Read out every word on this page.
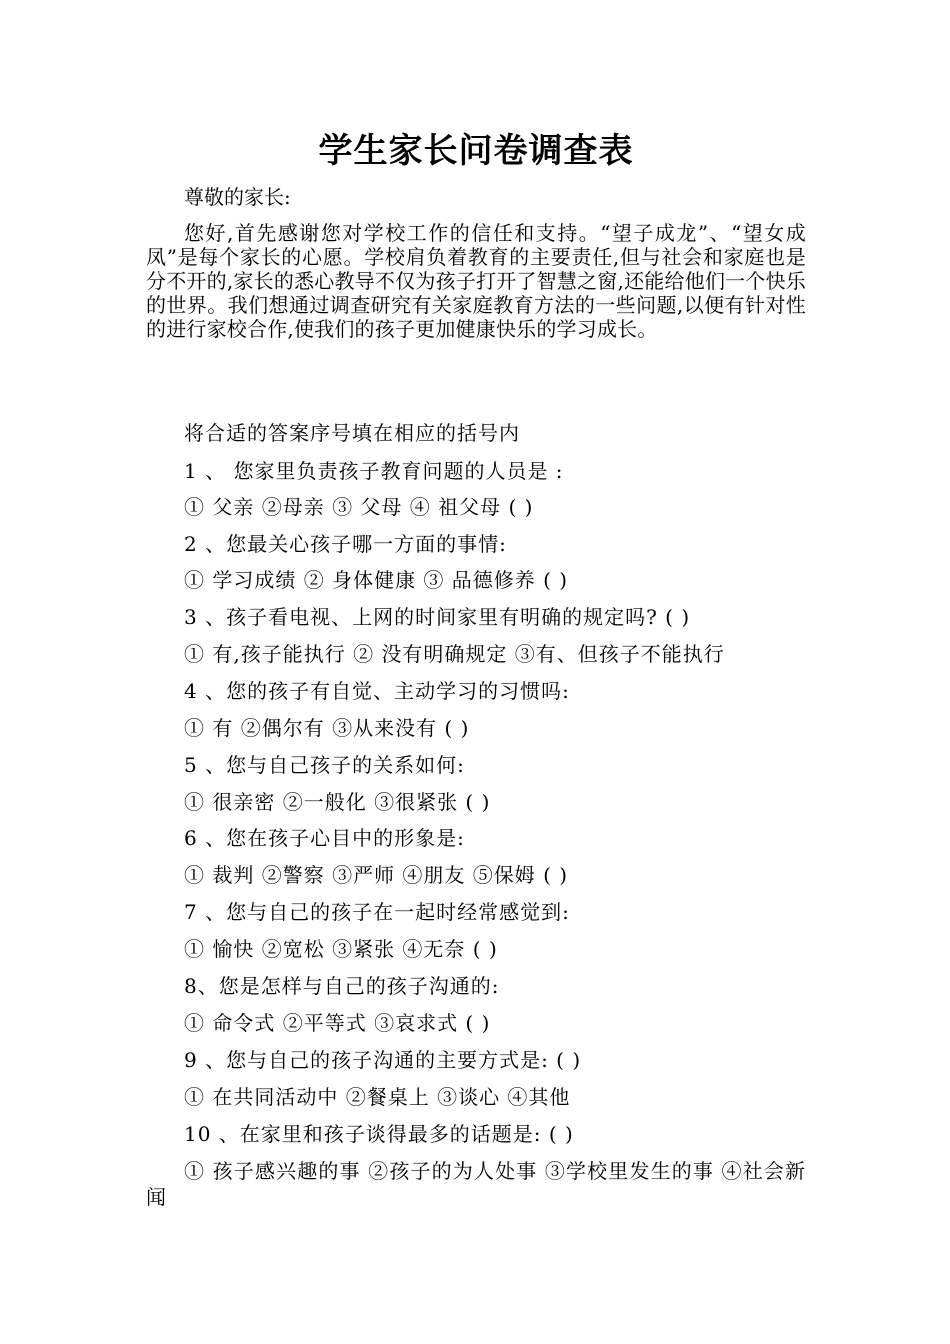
学生家长问卷调查表
尊敬的家长:
您好,首先感谢您对学校工作的信任和支持。“望子成龙”、“望女成凤”是每个家长的心愿。学校肩负着教育的主要责任,但与社会和家庭也是分不开的,家长的悉心教导不仅为孩子打开了智慧之窗,还能给他们一个快乐的世界。我们想通过调查研究有关家庭教育方法的一些问题,以便有针对性的进行家校合作,使我们的孩子更加健康快乐的学习成长。
将合适的答案序号填在相应的括号内
1 、 您家里负责孩子教育问题的人员是 :
① 父亲 ②母亲 ③ 父母 ④ 祖父母 ( )
2 、您最关心孩子哪一方面的事情:
① 学习成绩 ② 身体健康 ③ 品德修养 ( )
3 、孩子看电视、上网的时间家里有明确的规定吗? ( )
① 有,孩子能执行 ② 没有明确规定 ③有、但孩子不能执行
4 、您的孩子有自觉、主动学习的习惯吗:
① 有 ②偶尔有 ③从来没有 ( )
5 、您与自己孩子的关系如何:
① 很亲密 ②一般化 ③很紧张 ( )
6 、您在孩子心目中的形象是:
① 裁判 ②警察 ③严师 ④朋友 ⑤保姆 ( )
7 、您与自己的孩子在一起时经常感觉到:
① 愉快 ②宽松 ③紧张 ④无奈 ( )
8、您是怎样与自己的孩子沟通的:
① 命令式 ②平等式 ③哀求式 ( )
9 、您与自己的孩子沟通的主要方式是: ( )
① 在共同活动中 ②餐桌上 ③谈心 ④其他
10 、在家里和孩子谈得最多的话题是: ( )
① 孩子感兴趣的事 ②孩子的为人处事 ③学校里发生的事 ④社会新闻
